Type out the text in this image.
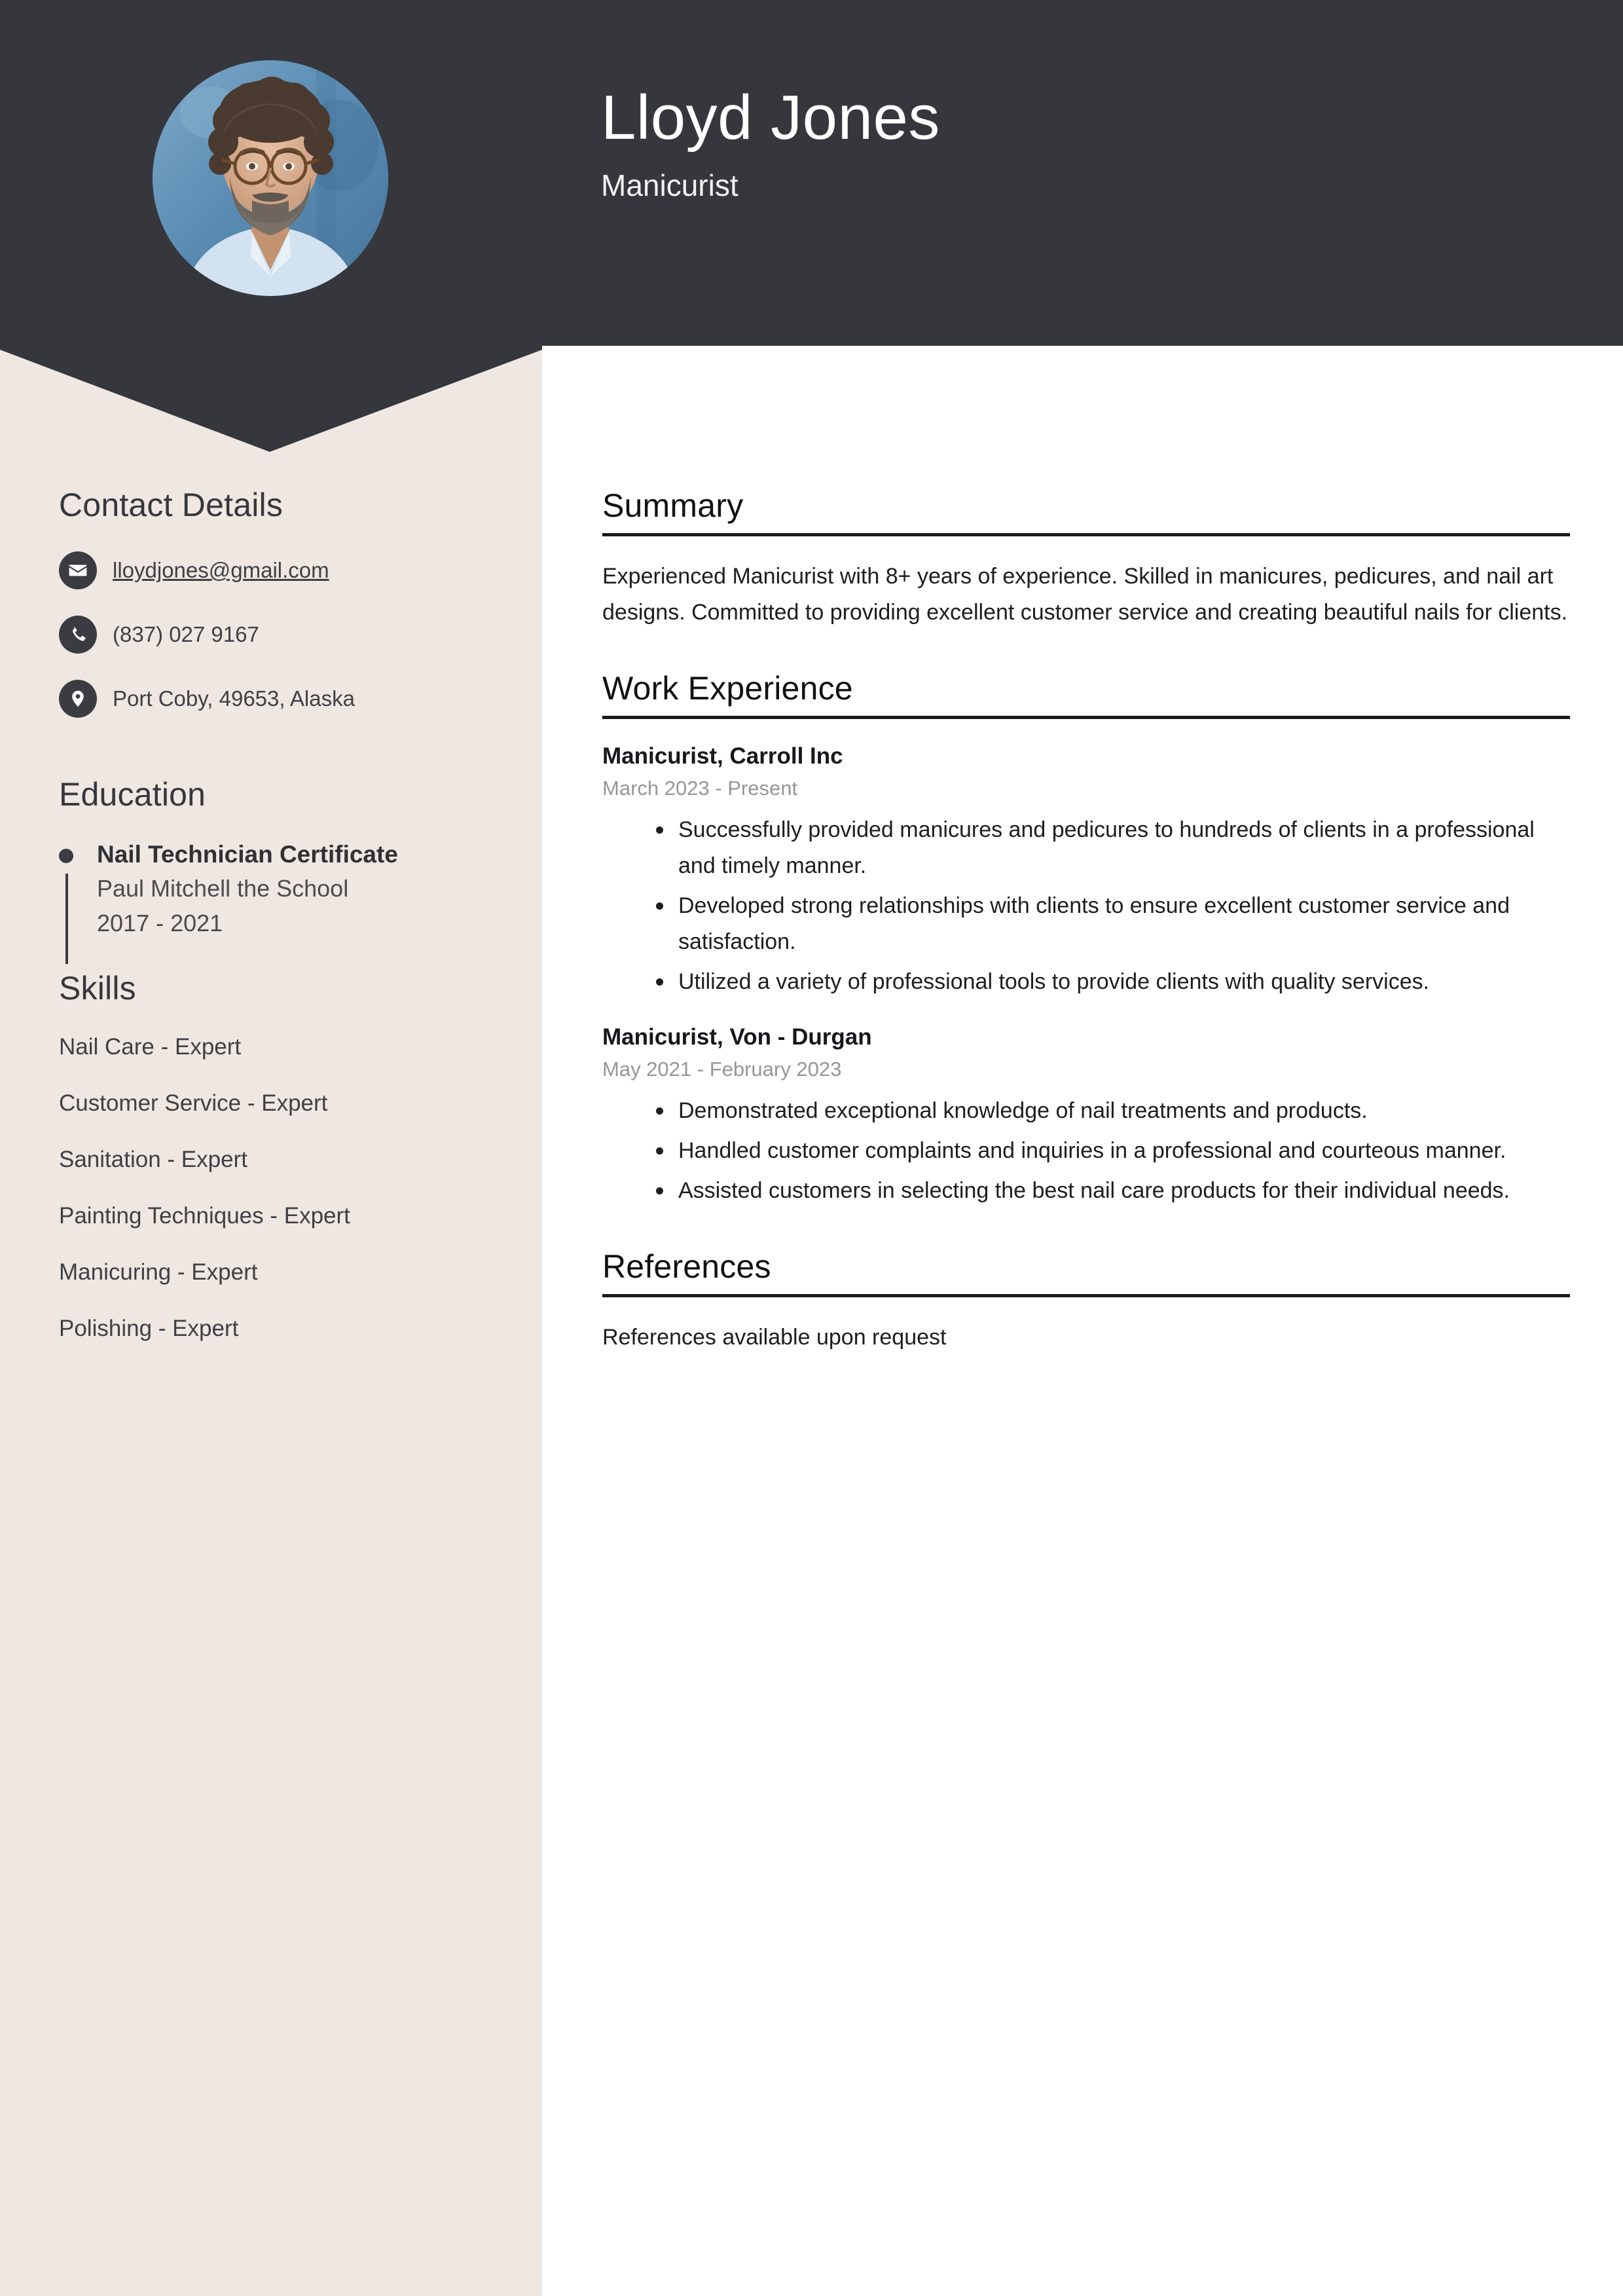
Lloyd Jones
Manicurist
Contact Details
lloydjones@gmail.com
(837) 027 9167
Port Coby, 49653, Alaska
Education
Nail Technician Certificate
Paul Mitchell the School
2017 - 2021
Skills
Nail Care - Expert
Customer Service - Expert
Sanitation - Expert
Painting Techniques - Expert
Manicuring - Expert
Polishing - Expert
Summary

Experienced Manicurist with 8+ years of experience. Skilled in manicures, pedicures, and nail art designs. Committed to providing excellent customer service and creating beautiful nails for clients.

Work Experience
Manicurist, Carroll Inc
March 2023 - Present
Successfully provided manicures and pedicures to hundreds of clients in a professional and timely manner.
Developed strong relationships with clients to ensure excellent customer service and satisfaction.
Utilized a variety of professional tools to provide clients with quality services.
Manicurist, Von - Durgan
May 2021 - February 2023
Demonstrated exceptional knowledge of nail treatments and products.
Handled customer complaints and inquiries in a professional and courteous manner.
Assisted customers in selecting the best nail care products for their individual needs.
References

References available upon request
